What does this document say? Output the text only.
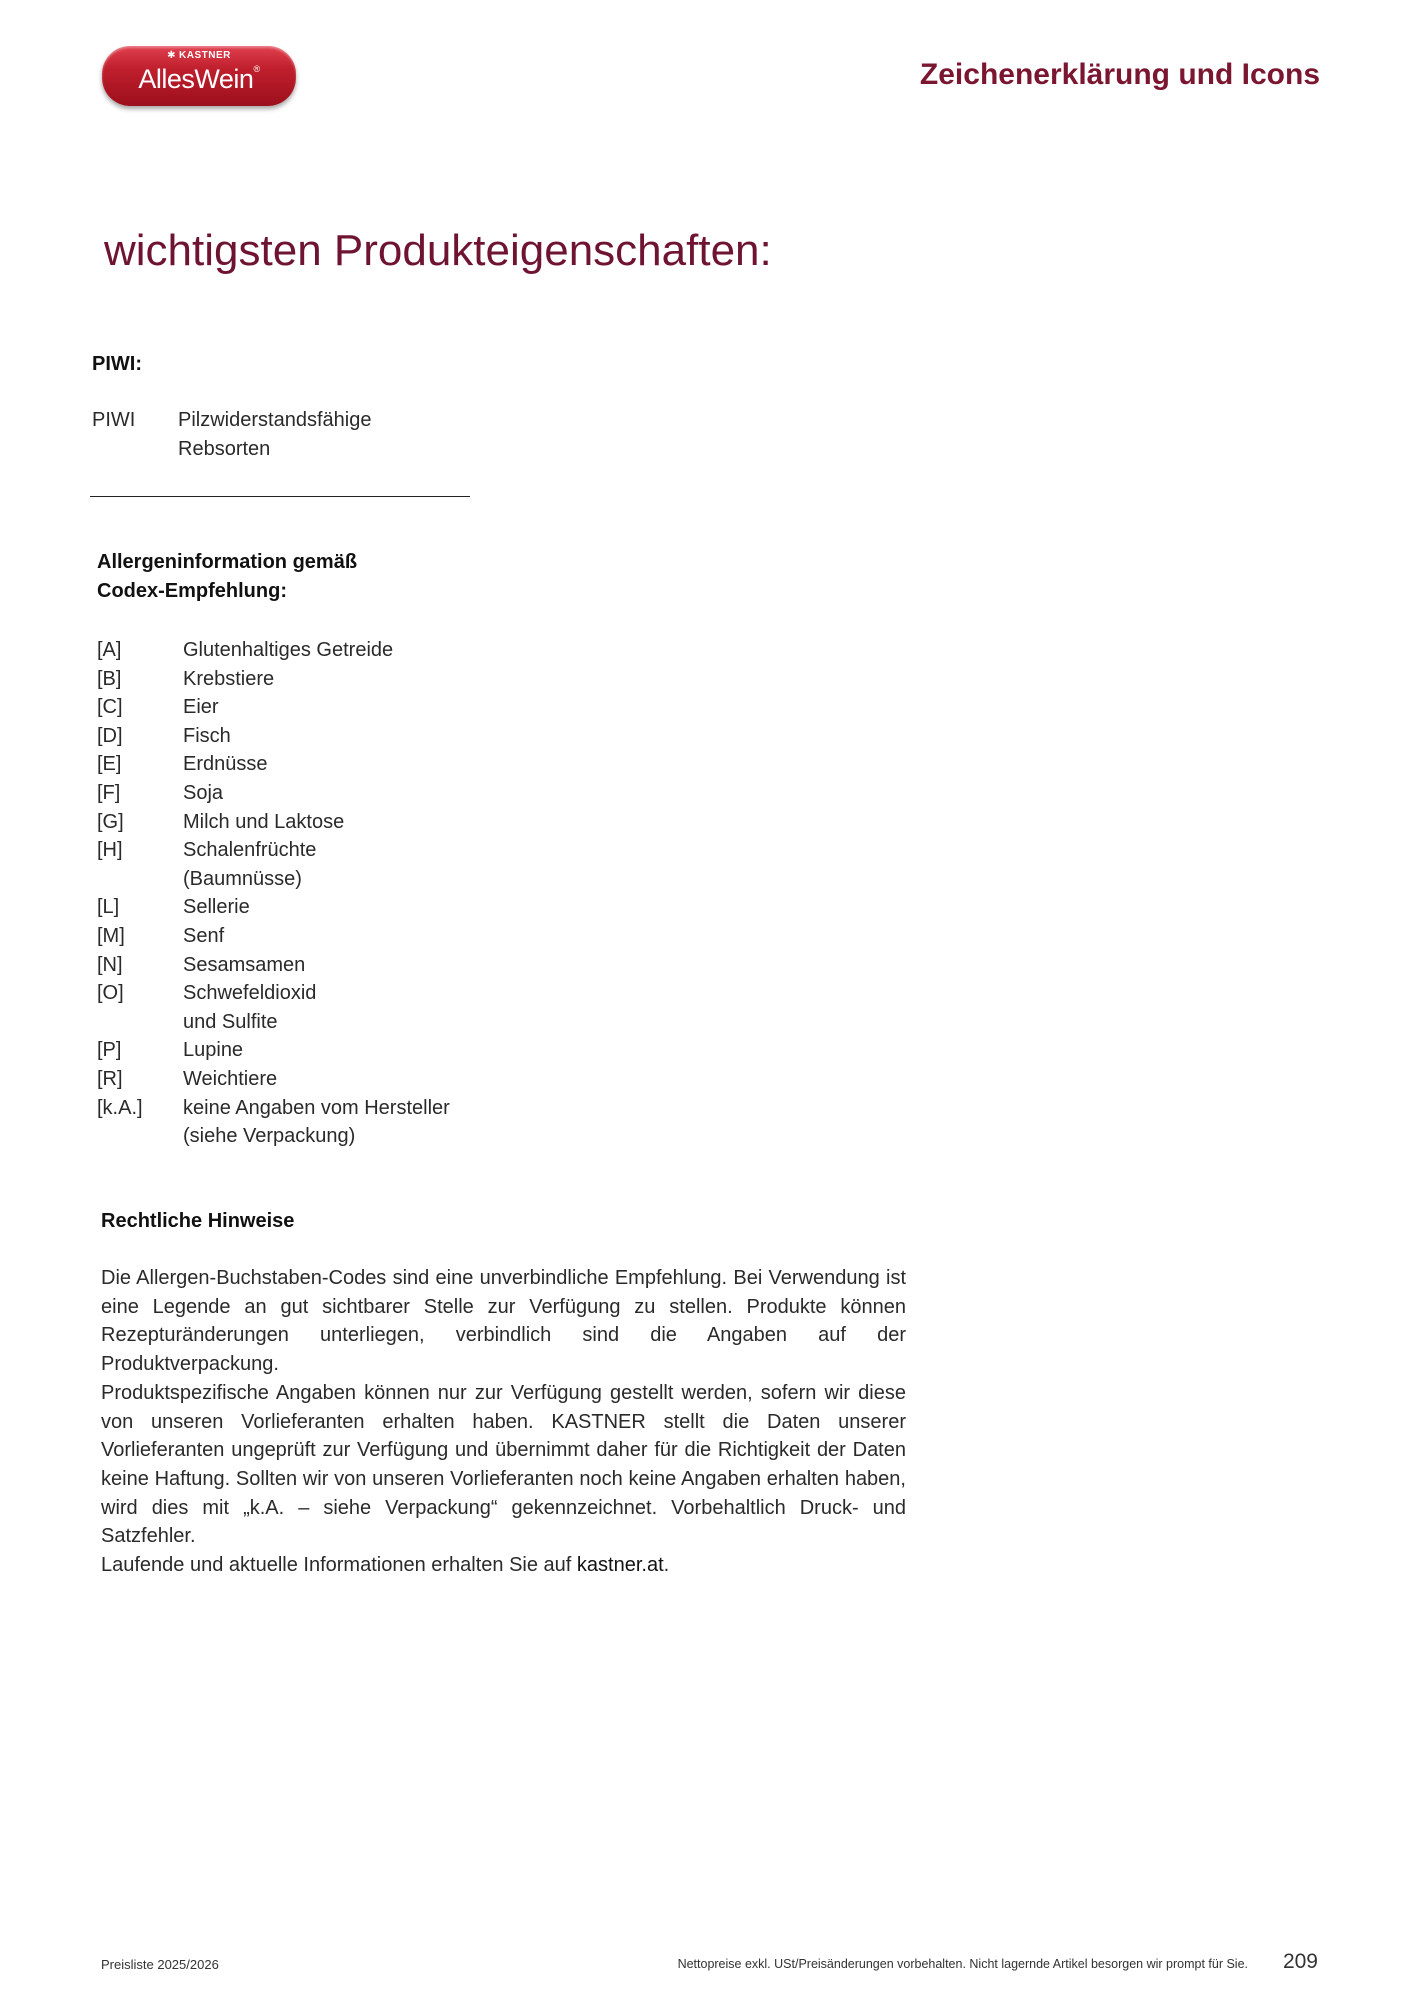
✱ KASTNER
AllesWein®	Zeichenerklärung und Icons
wichtigsten Produkteigenschaften:
PIWI:
PIWI Pilzwiderstandsfähige
Rebsorten
Allergeninformation gemäß
Codex-Empfehlung:
[A]	Glutenhaltiges Getreide
[B]	Krebstiere
[C]	Eier
[D]	Fisch
[E]	Erdnüsse
[F]	Soja
[G]	Milch und Laktose
[H]	Schalenfrüchte
(Baumnüsse)
[L]	Sellerie
[M]	Senf
[N]	Sesamsamen
[O]	Schwefeldioxid
und Sulfite
[P]	Lupine
[R]	Weichtiere
[k.A.] keine Angaben vom Hersteller
(siehe Verpackung)
Rechtliche Hinweise

Die Allergen-Buchstaben-Codes sind eine unverbindliche Empfehlung. Bei Verwendung ist eine Legende an gut sichtbarer Stelle zur Verfügung zu stellen. Produkte können Rezepturänderungen unterliegen, verbindlich sind die Angaben auf der Produktverpackung.

Produktspezifische Angaben können nur zur Verfügung gestellt werden, sofern wir diese von unseren Vorlieferanten erhalten haben. KASTNER stellt die Daten unserer Vorlieferanten ungeprüft zur Verfügung und übernimmt daher für die Richtigkeit der Daten keine Haftung. Sollten wir von unseren Vorlieferanten noch keine Angaben erhalten haben, wird dies mit „k.A. – siehe Verpackung“ gekennzeichnet. Vorbehaltlich Druck- und Satzfehler.

Laufende und aktuelle Informationen erhalten Sie auf kastner.at.

Preisliste 2025/2026	Nettopreise exkl. USt/Preisänderungen vorbehalten. Nicht lagernde Artikel besorgen wir prompt für Sie. 209
